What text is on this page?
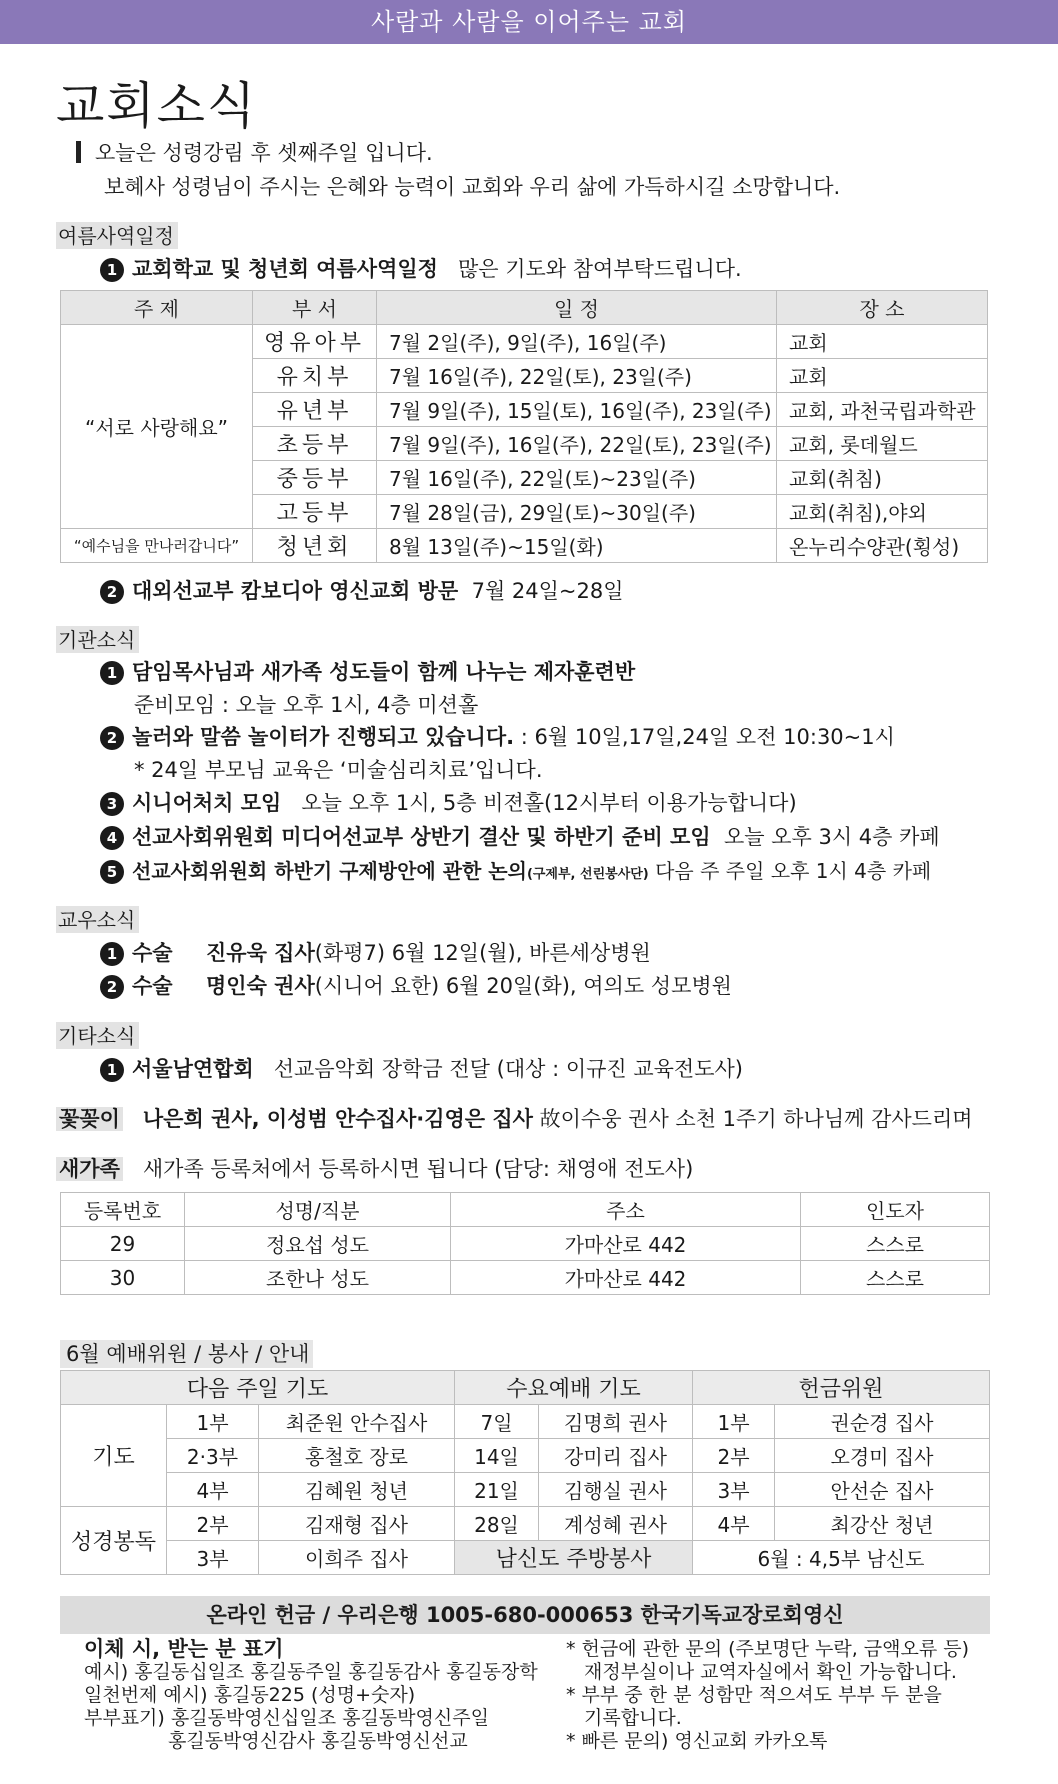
사람과 사람을 이어주는 교회
교회소식
오늘은 성령강림 후 셋째주일 입니다.
보혜사 성령님이 주시는 은혜와 능력이 교회와 우리 삶에 가득하시길 소망합니다.
여름사역일정
1 교회학교 및 청년회 여름사역일정 많은 기도와 참여부탁드립니다.
주 제	부 서	일 정	장 소
“서로 사랑해요”	영유아부	7월 2일(주), 9일(주), 16일(주)	교회
	유치부	7월 16일(주), 22일(토), 23일(주)	교회
	유년부	7월 9일(주), 15일(토), 16일(주), 23일(주)	교회, 과천국립과학관
	초등부	7월 9일(주), 16일(주), 22일(토), 23일(주)	교회, 롯데월드
	중등부	7월 16일(주), 22일(토)~23일(주)	교회(취침)
	고등부	7월 28일(금), 29일(토)~30일(주)	교회(취침),야외
“예수님을 만나러갑니다”	청년회	8월 13일(주)~15일(화)	온누리수양관(횡성)
2 대외선교부 캄보디아 영신교회 방문 7월 24일~28일
기관소식
1 담임목사님과 새가족 성도들이 함께 나누는 제자훈련반
준비모임 : 오늘 오후 1시, 4층 미션홀
2 놀러와 말씀 놀이터가 진행되고 있습니다. : 6월 10일,17일,24일 오전 10:30~1시
* 24일 부모님 교육은 ‘미술심리치료’입니다.
3 시니어처치 모임 오늘 오후 1시, 5층 비젼홀(12시부터 이용가능합니다)
4 선교사회위원회 미디어선교부 상반기 결산 및 하반기 준비 모임 오늘 오후 3시 4층 카페
5 선교사회위원회 하반기 구제방안에 관한 논의(구제부, 선린봉사단) 다음 주 주일 오후 1시 4층 카페
교우소식
1 수술 진유욱 집사(화평7) 6월 12일(월), 바른세상병원
2 수술 명인숙 권사(시니어 요한) 6월 20일(화), 여의도 성모병원
기타소식
1 서울남연합회 선교음악회 장학금 전달 (대상 : 이규진 교육전도사)
꽃꽂이 나은희 권사, 이성범 안수집사·김영은 집사 故이수웅 권사 소천 1주기 하나님께 감사드리며
새가족 새가족 등록처에서 등록하시면 됩니다 (담당: 채영애 전도사)
등록번호	성명/직분	주소	인도자
29	정요섭 성도	가마산로 442	스스로
30	조한나 성도	가마산로 442	스스로
6월 예배위원 / 봉사 / 안내
다음 주일 기도			수요예배 기도		헌금위원	
기도	1부	최준원 안수집사	7일	김명희 권사	1부	권순경 집사
	2·3부	홍철호 장로	14일	강미리 집사	2부	오경미 집사
	4부	김혜원 청년	21일	김행실 권사	3부	안선순 집사
성경봉독	2부	김재형 집사	28일	계성혜 권사	4부	최강산 청년
	3부	이희주 집사	남신도 주방봉사		6월 : 4,5부 남신도	
온라인 헌금 / 우리은행 1005-680-000653 한국기독교장로회영신
이체 시, 받는 분 표기
예시) 홍길동십일조 홍길동주일 홍길동감사 홍길동장학
일천번제 예시) 홍길동225 (성명+숫자)
부부표기) 홍길동박영신십일조 홍길동박영신주일
홍길동박영신감사 홍길동박영신선교
* 헌금에 관한 문의 (주보명단 누락, 금액오류 등)
재정부실이나 교역자실에서 확인 가능합니다.
* 부부 중 한 분 성함만 적으셔도 부부 두 분을
기록합니다.
* 빠른 문의) 영신교회 카카오톡
